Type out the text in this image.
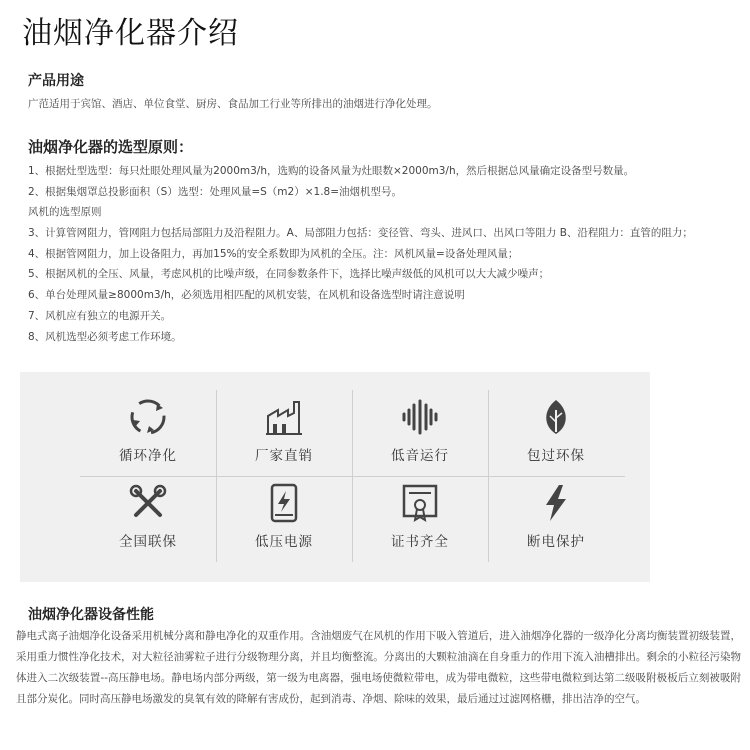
油烟净化器介绍
产品用途
广范适用于宾馆、酒店、单位食堂、厨房、食品加工行业等所排出的油烟进行净化处理。
油烟净化器的选型原则：
1、根据灶型选型：每只灶眼处理风量为2000m3/h，选购的设备风量为灶眼数×2000m3/h，然后根据总风量确定设备型号数量。
2、根据集烟罩总投影面积（S）选型：处理风量=S（m2）×1.8=油烟机型号。
风机的选型原则
3、计算管网阻力，管网阻力包括局部阻力及沿程阻力。A、局部阻力包括：变径管、弯头、进风口、出风口等阻力 B、沿程阻力：直管的阻力；
4、根据管网阻力，加上设备阻力，再加15%的安全系数即为风机的全压。注：风机风量=设备处理风量；
5、根据风机的全压、风量，考虑风机的比噪声级，在同参数条件下，选择比噪声级低的风机可以大大减少噪声；
6、单台处理风量≥8000m3/h，必须选用相匹配的风机安装，在风机和设备选型时请注意说明
7、风机应有独立的电源开关。
8、风机选型必须考虑工作环境。
循环净化	厂家直销	低音运行	包过环保
全国联保	低压电源	证书齐全	断电保护
油烟净化器设备性能

静电式离子油烟净化设备采用机械分离和静电净化的双重作用。含油烟废气在风机的作用下吸入管道后，进入油烟净化器的一级净化分离均衡装置初级装置，采用重力惯性净化技术，对大粒径油雾粒子进行分级物理分离，并且均衡整流。分离出的大颗粒油滴在自身重力的作用下流入油槽排出。剩余的小粒径污染物体进入二次级装置--高压静电场。静电场内部分两级，第一级为电离器，强电场使微粒带电，成为带电微粒，这些带电微粒到达第二级吸附极板后立刻被吸附且部分炭化。同时高压静电场激发的臭氧有效的降解有害成份，起到消毒、净烟、除味的效果，最后通过过滤网格栅，排出洁净的空气。
